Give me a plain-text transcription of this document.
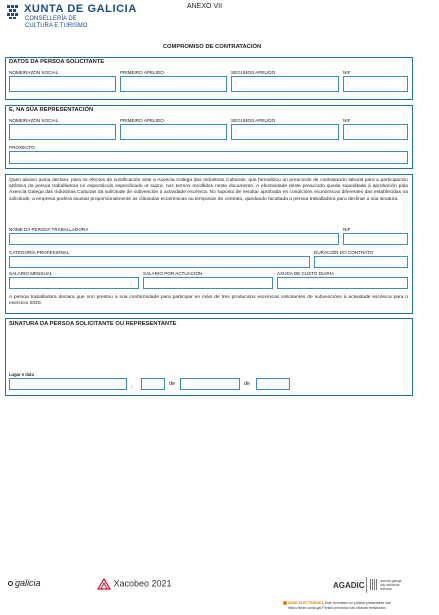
XUNTA DE GALICIA
CONSELLERÍA DE
CULTURA E TURISMO
ANEXO VII
COMPROMISO DE CONTRATACIÓN
DATOS DA PERSOA SOLICITANTE
NOME/RAZÓN SOCIAL	PRIMEIRO APELIDO	SEGUNDO APELIDO	NIF
E, NA SÚA REPRESENTACIÓN
NOME/RAZÓN SOCIAL	PRIMEIRO APELIDO	SEGUNDO APELIDO	NIF
PROXECTO
Quen abaixo asina declara, para os efectos de xustificación ante a Axencia Galega das Industrias Culturais, que formalizou un preacordo de contratación laboral para a participación artística da persoa traballadora no espectáculo especificado ut supra, nos termos recollidos neste documento. A efectividade deste preacordo queda supeditada á aprobación pola Axencia Galega das Industrias Culturais da solicitude de subvención á actividade escénica. No suposto de resultar aprobada en condicións económicas diferentes das establecidas na solicitude, a empresa poderá axustar proporcionalmente as cláusulas económicas ou temporais do contrato, quedando facultada a persoa traballadora para declinar a súa sinatura.
NOME DA PERSOA TRABALLADORA	NIF
CATEGORÍA PROFESIONAL	DURACIÓN DO CONTRATO
SALARIO MENSUAL	SALARIO POR ACTUACIÓN	AXUDA DE CUSTO DIARIA
A persoa traballadora declara que non prestou a súa conformidade para participar en máis de tres producións escénicas solicitantes de subvencións á actividade escénica para o exercicio 2020.
SINATURA DA PERSOA SOLICITANTE OU REPRESENTANTE
Lugar e data
,	de	de
galicia	Xacobeo 2021	AGADIC	axencia galega das industrias culturais
SEDE ELECTRÓNICA Este formulario só poderá presentarse nas
https://sede.xunta.gal Portelo previstos nas oficinas rexistrados
